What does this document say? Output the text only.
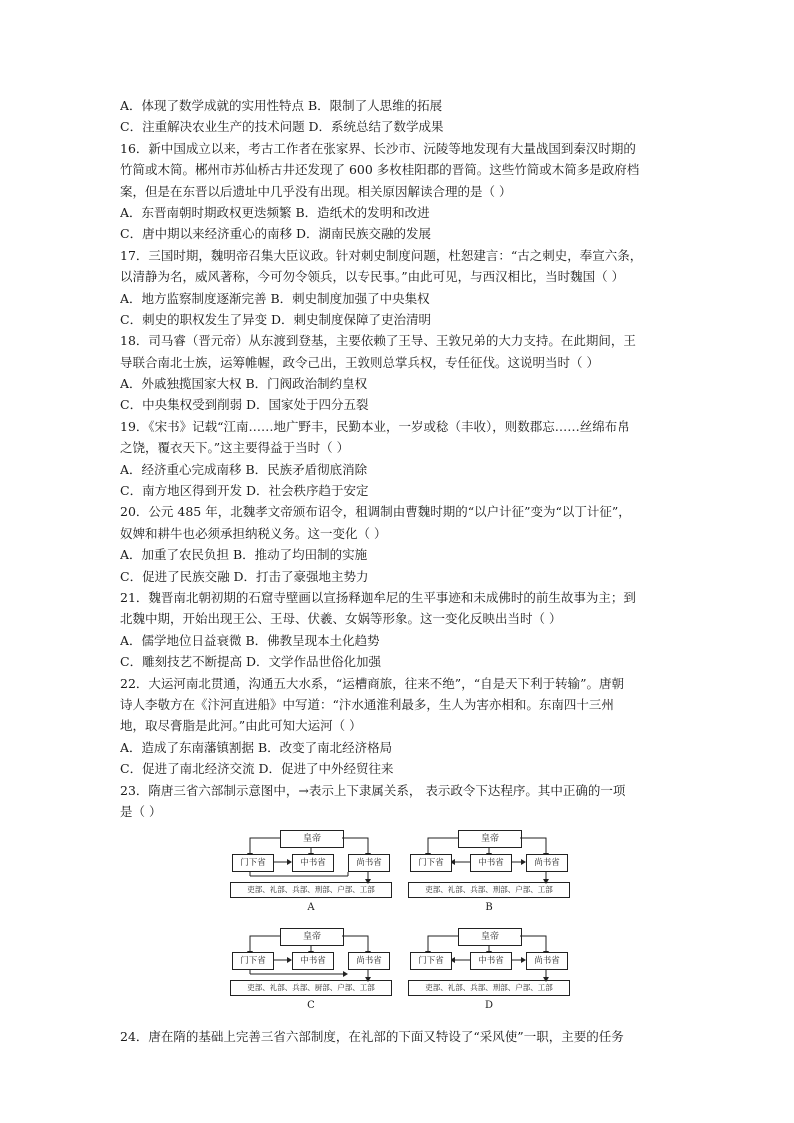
A．体现了数学成就的实用性特点 B．限制了人思维的拓展
C．注重解决农业生产的技术问题 D．系统总结了数学成果
16．新中国成立以来，考古工作者在张家界、长沙市、沅陵等地发现有大量战国到秦汉时期的
竹简或木简。郴州市苏仙桥古井还发现了 600 多枚桂阳郡的晋简。这些竹简或木简多是政府档
案，但是在东晋以后遗址中几乎没有出现。相关原因解读合理的是（ ）
A．东晋南朝时期政权更迭频繁 B．造纸术的发明和改进
C．唐中期以来经济重心的南移 D．湖南民族交融的发展
17．三国时期，魏明帝召集大臣议政。针对刺史制度问题，杜恕建言：“古之刺史，奉宣六条，
以清静为名，威风著称，今可勿令领兵，以专民事。”由此可见，与西汉相比，当时魏国（ ）
A．地方监察制度逐渐完善 B．刺史制度加强了中央集权
C．刺史的职权发生了异变 D．刺史制度保障了吏治清明
18．司马睿（晋元帝）从东渡到登基，主要依赖了王导、王敦兄弟的大力支持。在此期间，王
导联合南北士族，运筹帷幄，政令己出，王敦则总掌兵权，专任征伐。这说明当时（ ）
A．外戚独揽国家大权 B．门阀政治制约皇权
C．中央集权受到削弱 D．国家处于四分五裂
19．《宋书》记载“江南……地广野丰，民勤本业，一岁或稔（丰收），则数郡忘……丝绵布帛
之饶，覆衣天下。”这主要得益于当时（ ）
A．经济重心完成南移 B．民族矛盾彻底消除
C．南方地区得到开发 D．社会秩序趋于安定
20．公元 485 年，北魏孝文帝颁布诏令，租调制由曹魏时期的“以户计征”变为“以丁计征”，
奴婢和耕牛也必须承担纳税义务。这一变化（ ）
A．加重了农民负担 B．推动了均田制的实施
C．促进了民族交融 D．打击了豪强地主势力
21．魏晋南北朝初期的石窟寺壁画以宣扬释迦牟尼的生平事迹和未成佛时的前生故事为主；到
北魏中期，开始出现王公、王母、伏羲、女娲等形象。这一变化反映出当时（ ）
A．儒学地位日益衰微 B．佛教呈现本土化趋势
C．雕刻技艺不断提高 D．文学作品世俗化加强
22．大运河南北贯通，沟通五大水系，“运槽商旅，往来不绝”，“自是天下利于转输”。唐朝
诗人李敬方在《汴河直进船》中写道：“汴水通淮利最多，生人为害亦相和。东南四十三州
地，取尽膏脂是此河。”由此可知大运河（ ）
A．造成了东南藩镇割据 B．改变了南北经济格局
C．促进了南北经济交流 D．促进了中外经贸往来
23．隋唐三省六部制示意图中，→表示上下隶属关系， 表示政令下达程序。其中正确的一项
是（ ）
皇帝
门下省	中书省	尚书省
吏部、礼部、兵部、刑部、户部、工部
A
皇帝
门下省	中书省	尚书省
吏部、礼部、兵部、刑部、户部、工部
B
皇帝
门下省	中书省	尚书省
吏部、礼部、兵部、厨部、户部、工部
C
皇帝
门下省	中书省	尚书省
吏部、礼部、兵部、刑部、户部、工部
D
24．唐在隋的基础上完善三省六部制度，在礼部的下面又特设了“采风使”一职，主要的任务
